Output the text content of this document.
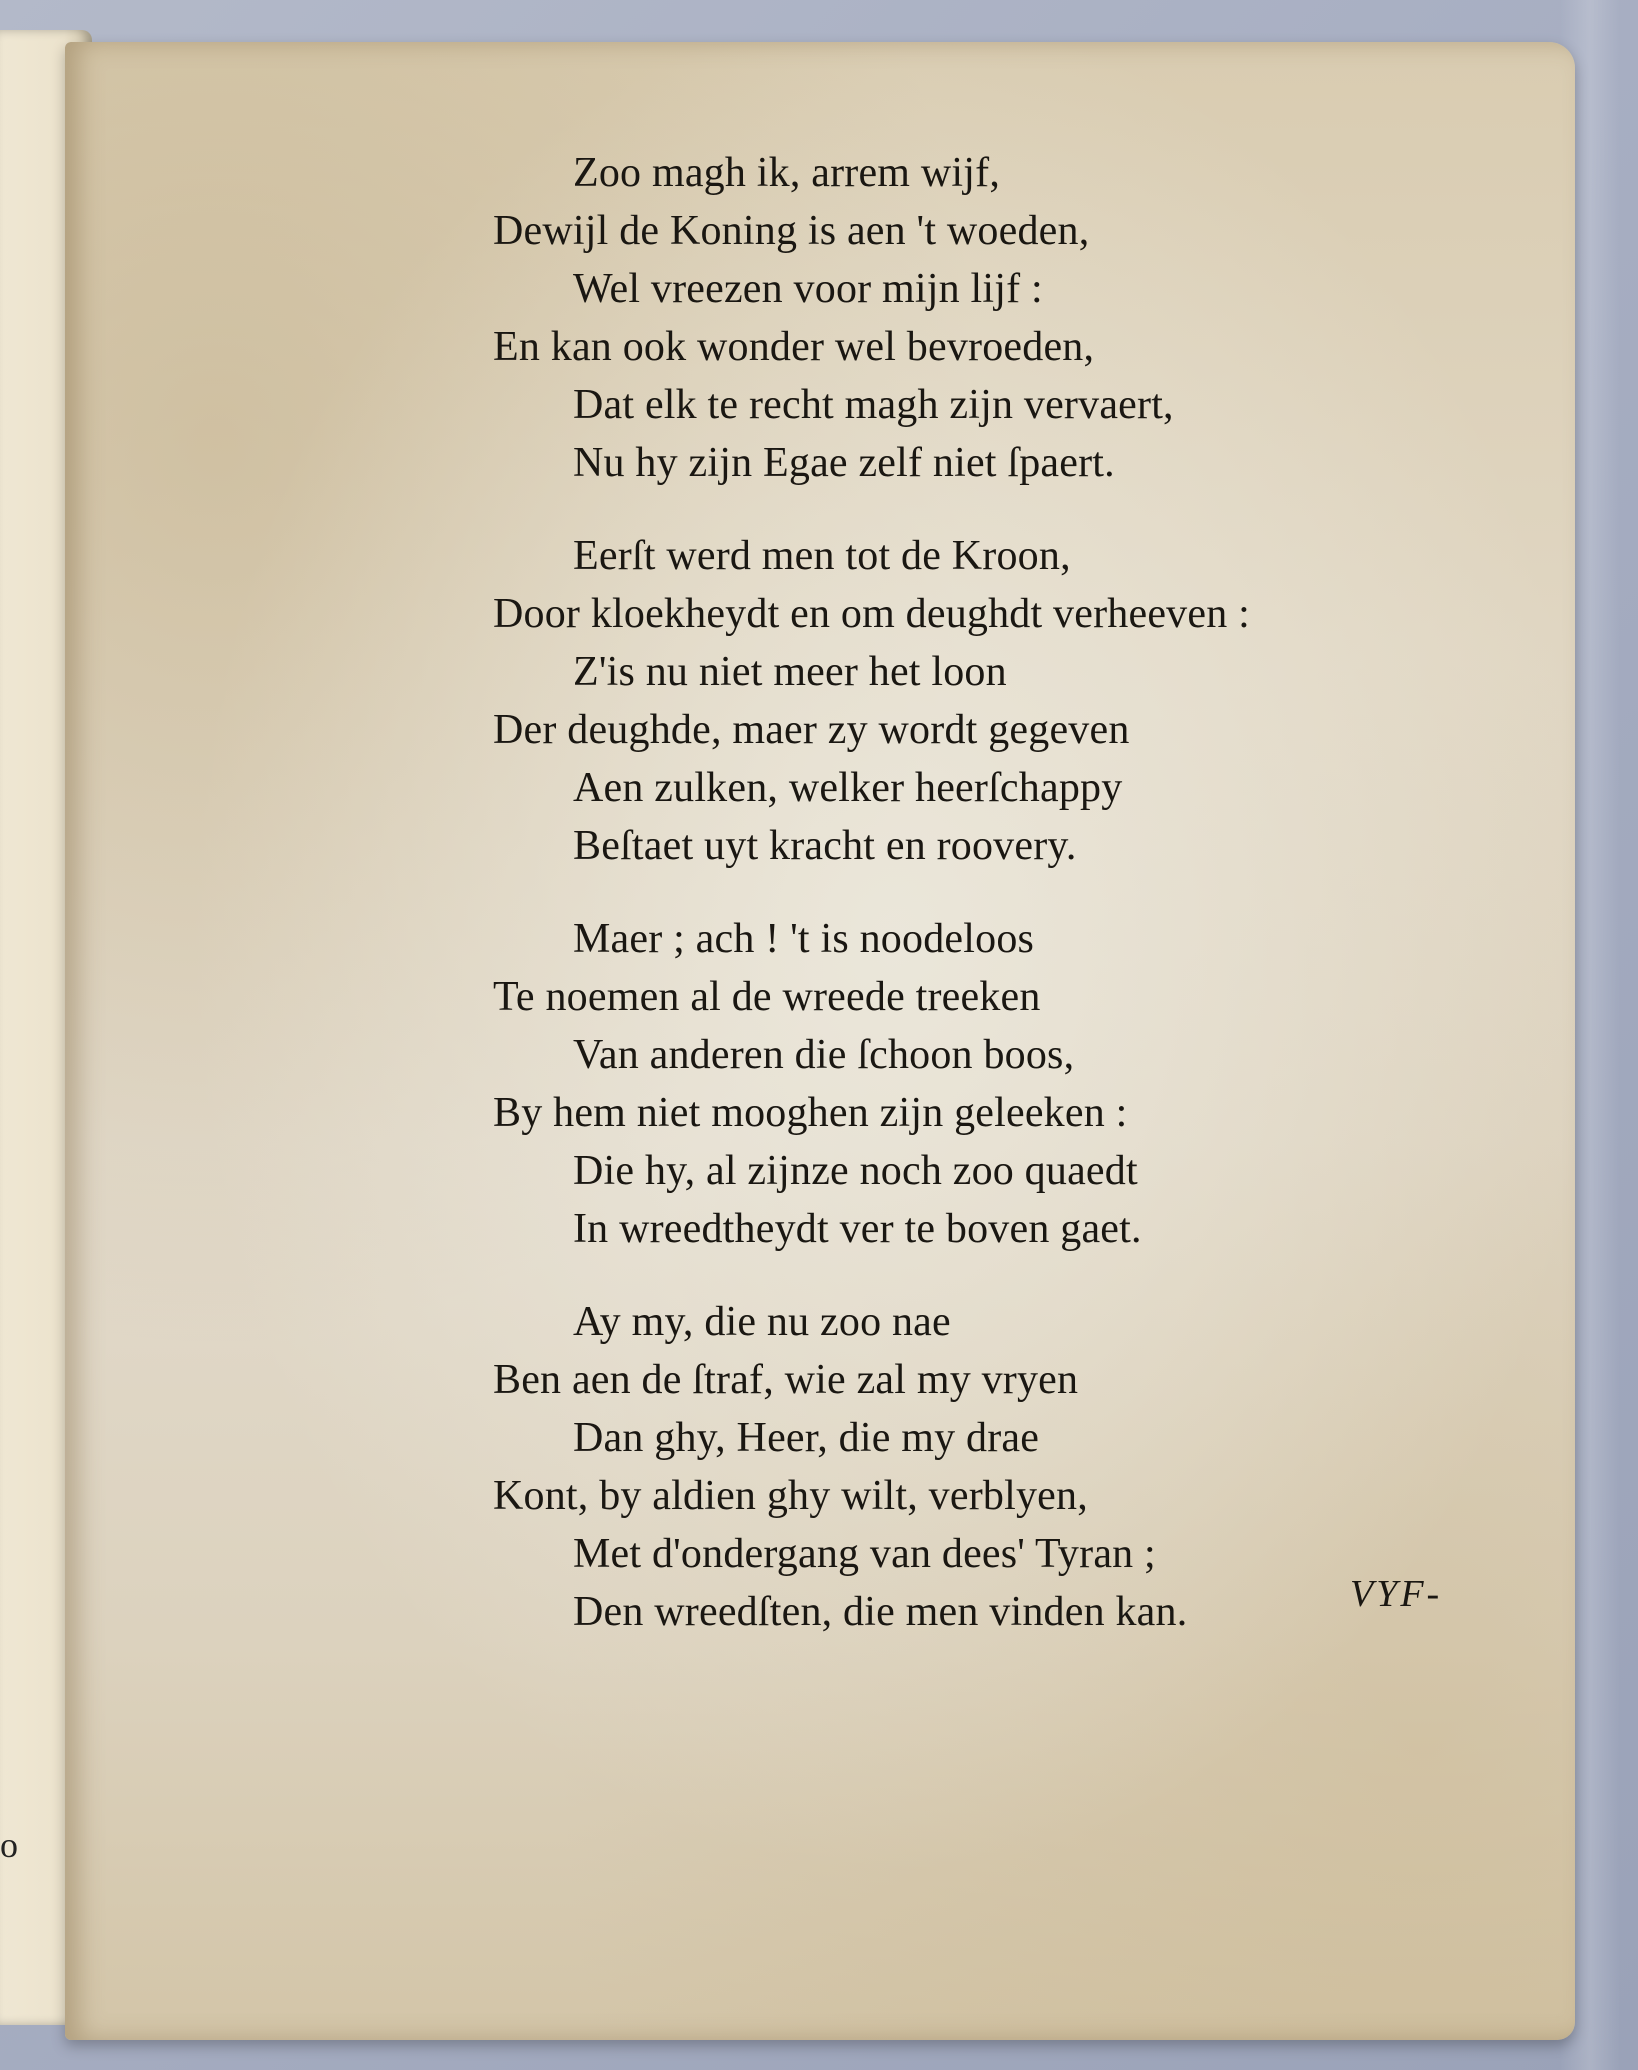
o
Zoo magh ik, arrem wijf,
Dewijl de Koning is aen 't woeden,
Wel vreezen voor mijn lijf :
En kan ook wonder wel bevroeden,
Dat elk te recht magh zijn vervaert,
Nu hy zijn Egae zelf niet ſpaert.
Eerſt werd men tot de Kroon,
Door kloekheydt en om deughdt verheeven :
Z'is nu niet meer het loon
Der deughde, maer zy wordt gegeven
Aen zulken, welker heerſchappy
Beſtaet uyt kracht en roovery.
Maer ; ach ! 't is noodeloos
Te noemen al de wreede treeken
Van anderen die ſchoon boos,
By hem niet mooghen zijn geleeken :
Die hy, al zijnze noch zoo quaedt
In wreedtheydt ver te boven gaet.
Ay my, die nu zoo nae
Ben aen de ſtraf, wie zal my vryen
Dan ghy, Heer, die my drae
Kont, by aldien ghy wilt, verblyen,
Met d'ondergang van dees' Tyran ;
Den wreedſten, die men vinden kan.	VYF-
